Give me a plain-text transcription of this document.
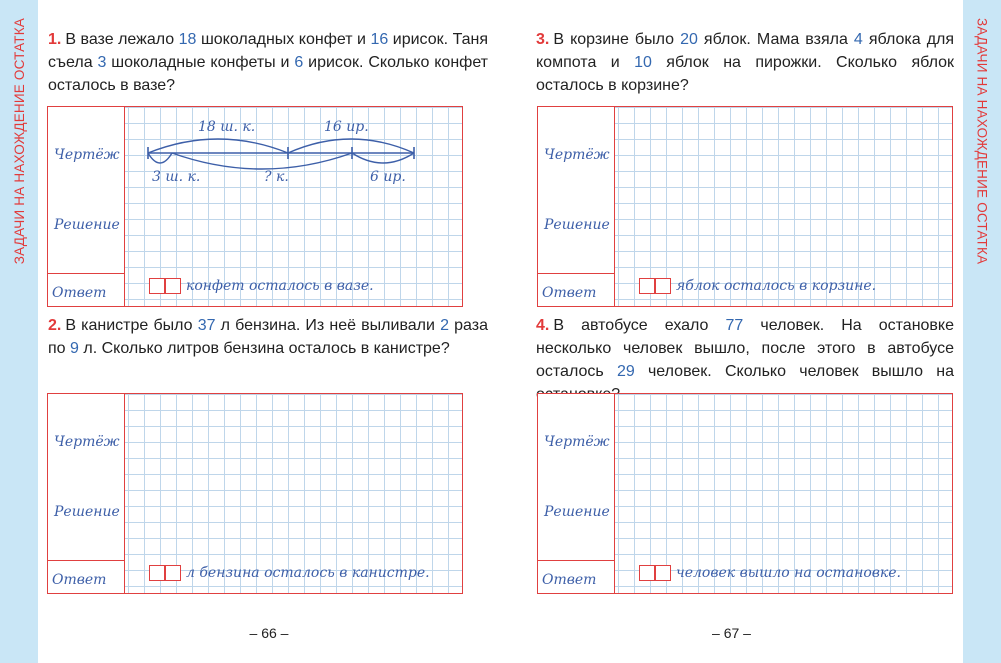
ЗАДАЧИ НА НАХОЖДЕНИЕ ОСТАТКА	ЗАДАЧИ НА НАХОЖДЕНИЕ ОСТАТКА
1. В вазе лежало 18 шоколадных конфет и 16 ирисок. Таня съела 3 шоколадные конфеты и 6 ирисок. Сколько конфет осталось в вазе?
Чертёж
Решение
Ответ
18 ш. к.	16 ир.
3 ш. к.	? к.	6 ир.
конфет осталось в вазе.
2. В канистре было 37 л бензина. Из неё выливали 2 раза по 9 л. Сколько литров бензина осталось в канистре?
Чертёж
Решение
Ответ	л бензина осталось в канистре.
– 66 –
3. В корзине было 20 яблок. Мама взяла 4 яблока для компота и 10 яблок на пирожки. Сколько яблок осталось в корзине?
Чертёж
Решение
Ответ	яблок осталось в корзине.
4. В автобусе ехало 77 человек. На остановке несколько человек вышло, после этого в автобусе осталось 29 человек. Сколько человек вышло на
Чертёж
Решение
Ответ	человек вышло на остановке.
– 67 –
